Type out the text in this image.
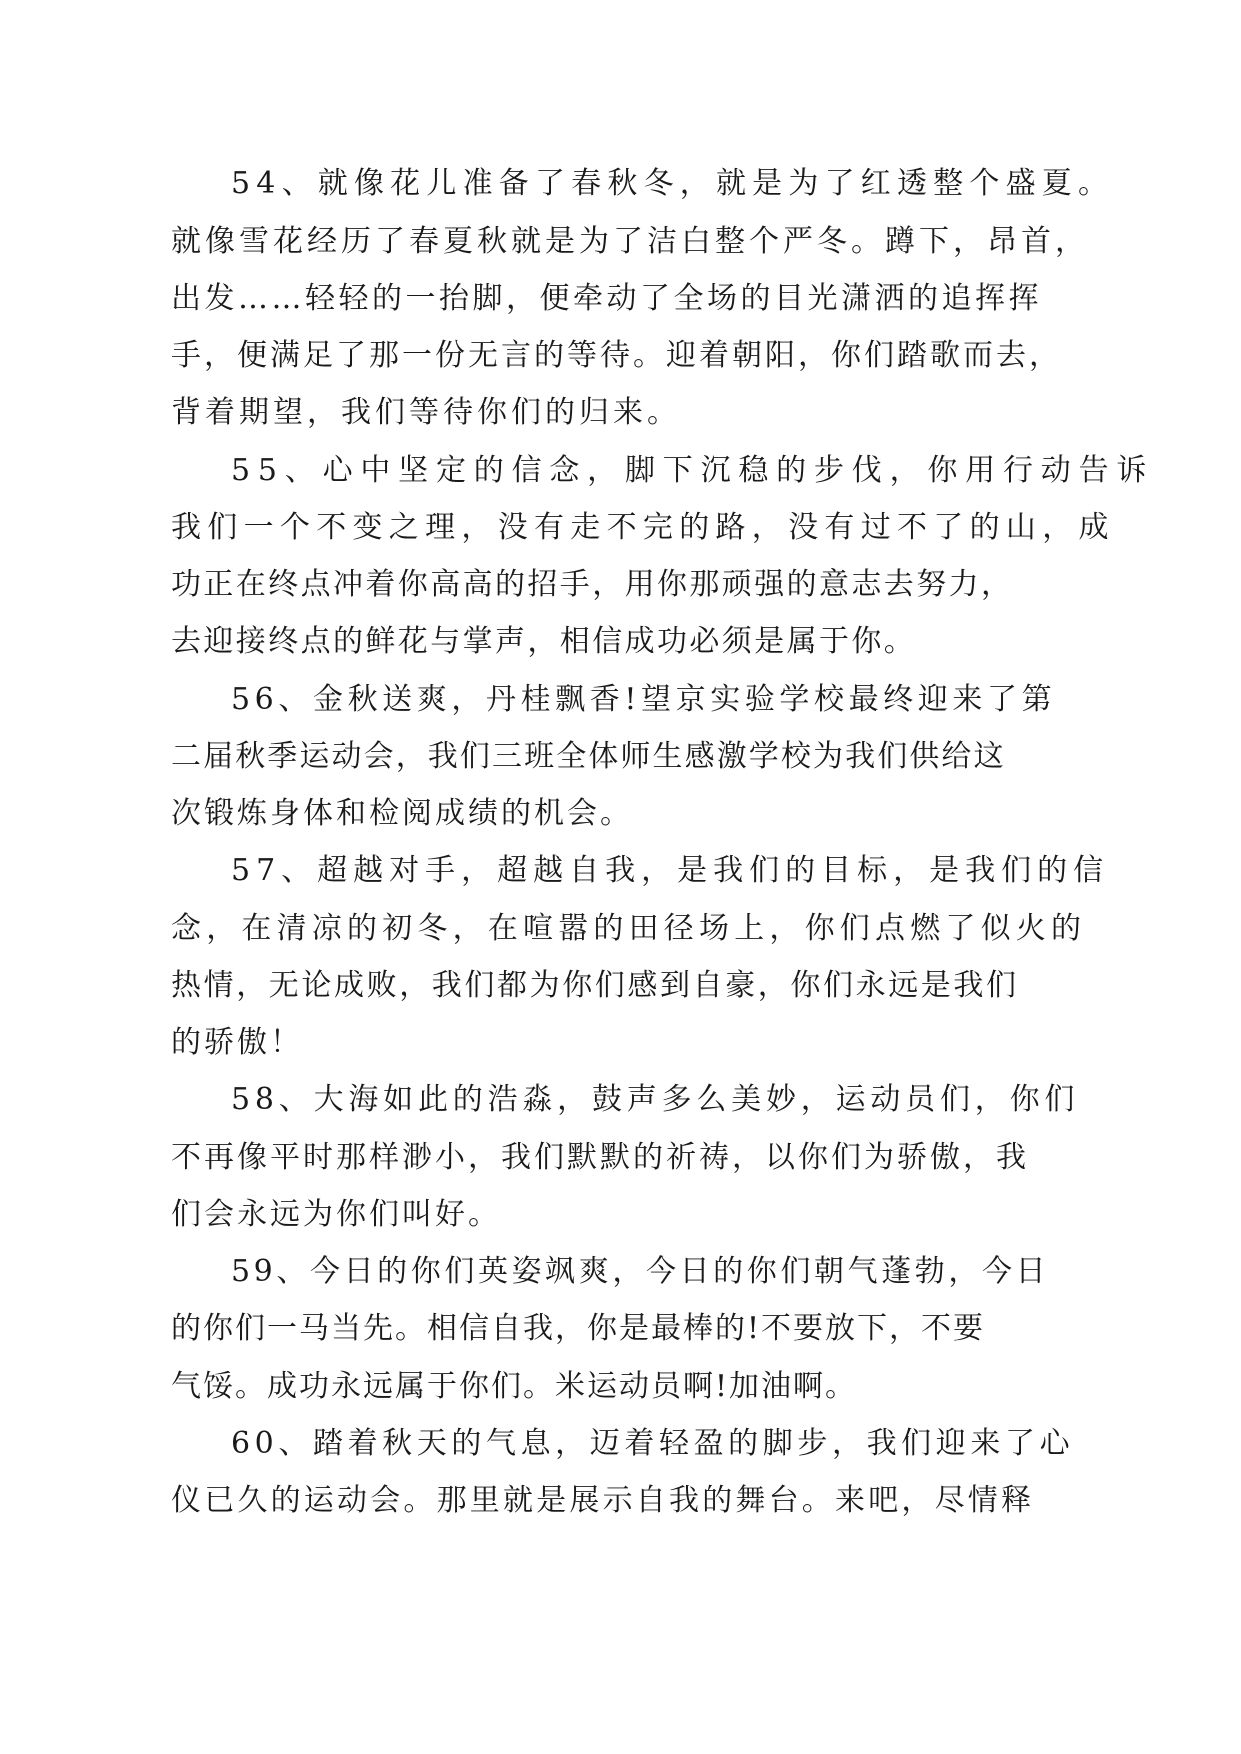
54、就像花儿准备了春秋冬，就是为了红透整个盛夏。
就像雪花经历了春夏秋就是为了洁白整个严冬。蹲下，昂首，
出发……轻轻的一抬脚，便牵动了全场的目光潇洒的追挥挥
手，便满足了那一份无言的等待。迎着朝阳，你们踏歌而去，
背着期望，我们等待你们的归来。
55、心中坚定的信念，脚下沉稳的步伐，你用行动告诉
我们一个不变之理，没有走不完的路，没有过不了的山，成
功正在终点冲着你高高的招手，用你那顽强的意志去努力，
去迎接终点的鲜花与掌声，相信成功必须是属于你。
56、金秋送爽，丹桂飘香!望京实验学校最终迎来了第
二届秋季运动会，我们三班全体师生感激学校为我们供给这
次锻炼身体和检阅成绩的机会。
57、超越对手，超越自我，是我们的目标，是我们的信
念，在清凉的初冬，在喧嚣的田径场上，你们点燃了似火的
热情，无论成败，我们都为你们感到自豪，你们永远是我们
的骄傲！
58、大海如此的浩淼，鼓声多么美妙，运动员们，你们
不再像平时那样渺小，我们默默的祈祷，以你们为骄傲，我
们会永远为你们叫好。
59、今日的你们英姿飒爽，今日的你们朝气蓬勃，今日
的你们一马当先。相信自我，你是最棒的!不要放下，不要
气馁。成功永远属于你们。米运动员啊!加油啊。
60、踏着秋天的气息，迈着轻盈的脚步，我们迎来了心
仪已久的运动会。那里就是展示自我的舞台。来吧，尽情释
